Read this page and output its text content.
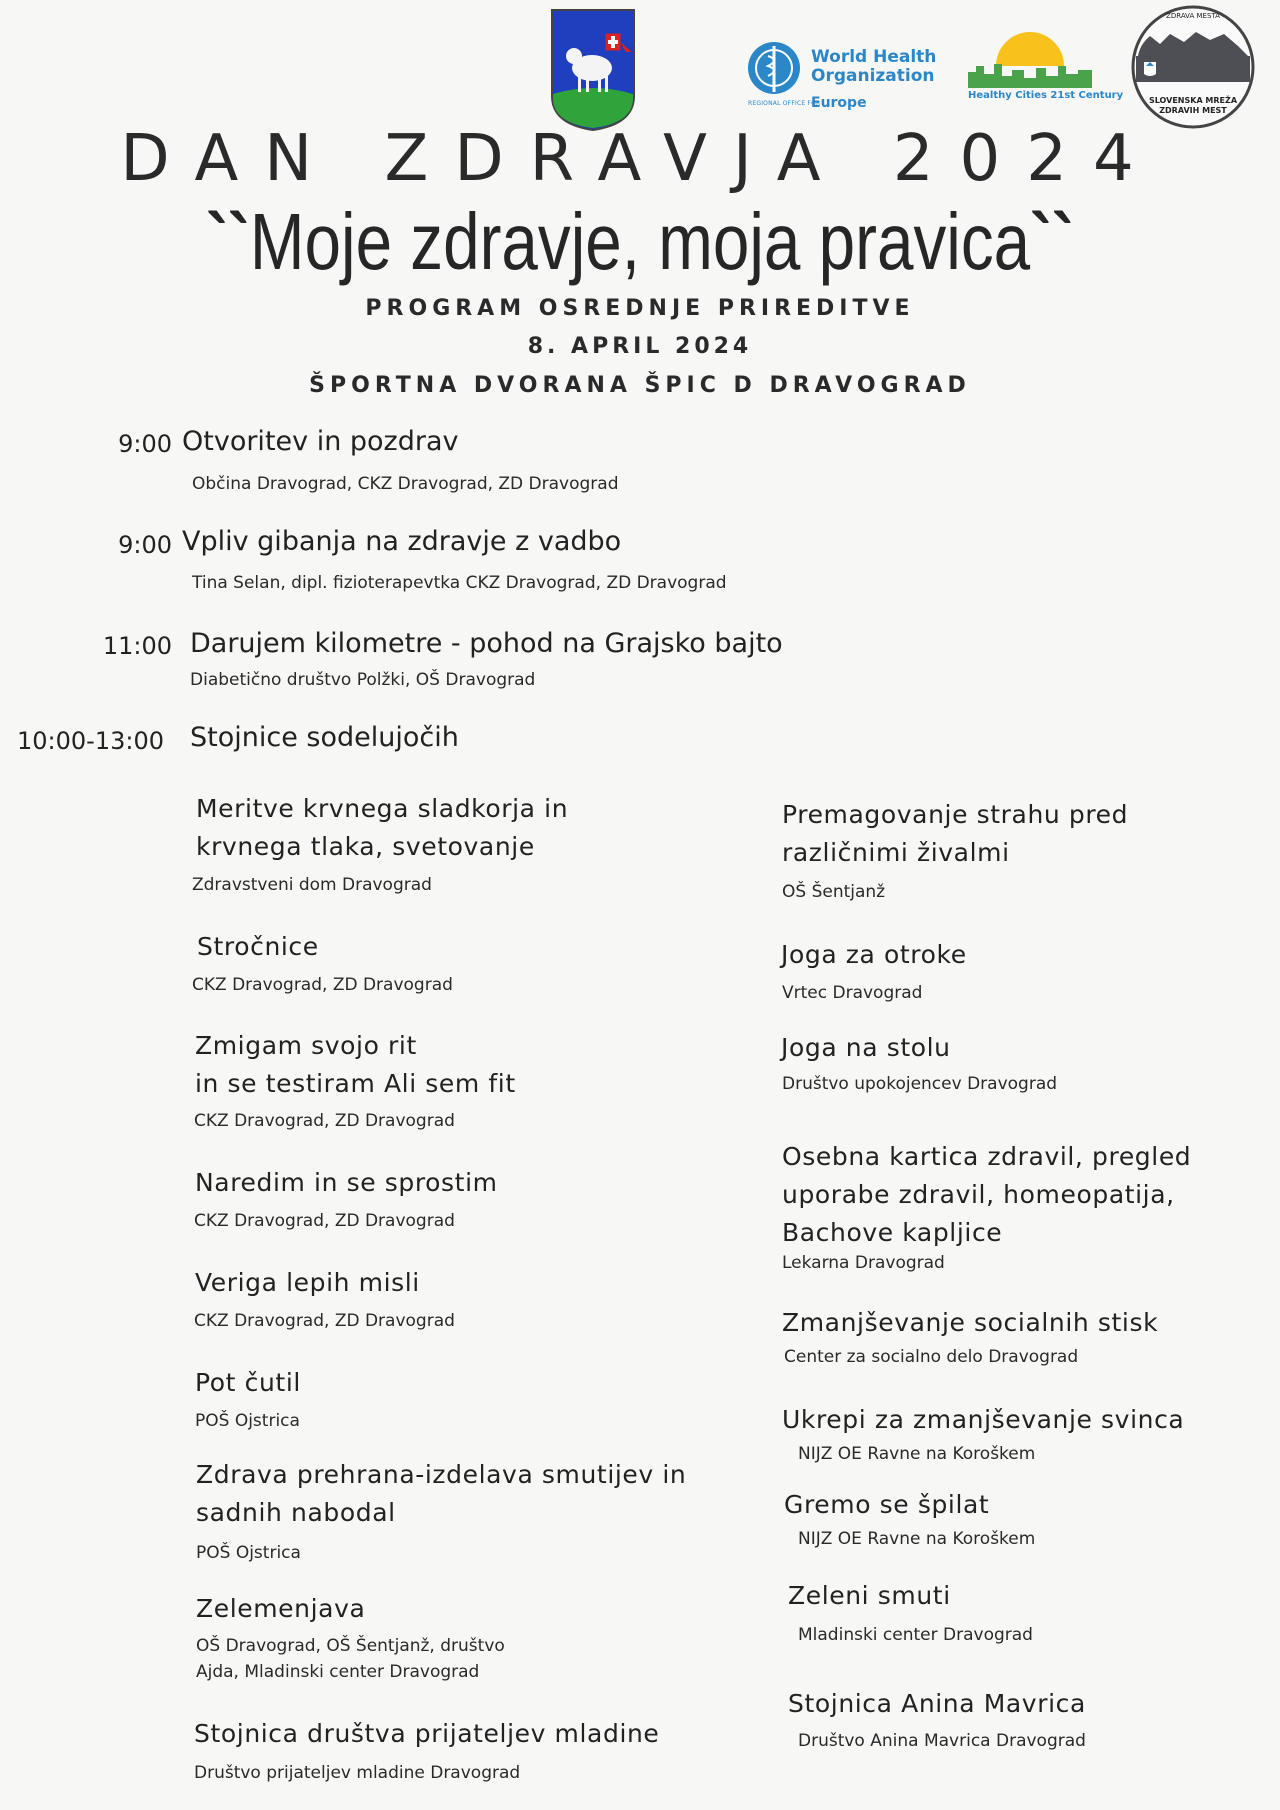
World Health
Organization
REGIONAL OFFICE FOR
Europe	Healthy Cities 21st Century
ZDRAVA MESTA
SLOVENSKA MREŽA
ZDRAVIH MEST
DAN ZDRAVJA 2024
``Moje zdravje, moja pravica``
PROGRAM OSREDNJE PRIREDITVE
8. APRIL 2024
ŠPORTNA DVORANA ŠPIC D DRAVOGRAD
9:00 Otvoritev in pozdrav
Občina Dravograd, CKZ Dravograd, ZD Dravograd
9:00 Vpliv gibanja na zdravje z vadbo
Tina Selan, dipl. fizioterapevtka CKZ Dravograd, ZD Dravograd
11:00 Darujem kilometre - pohod na Grajsko bajto
Diabetično društvo Polžki, OŠ Dravograd
10:00-13:00 Stojnice sodelujočih
Meritve krvnega sladkorja in
krvnega tlaka, svetovanje
Zdravstveni dom Dravograd
Stročnice
CKZ Dravograd, ZD Dravograd
Zmigam svojo rit
in se testiram Ali sem fit
CKZ Dravograd, ZD Dravograd
Naredim in se sprostim
CKZ Dravograd, ZD Dravograd
Veriga lepih misli
CKZ Dravograd, ZD Dravograd
Pot čutil
POŠ Ojstrica
Zdrava prehrana-izdelava smutijev in
sadnih nabodal
POŠ Ojstrica
Zelemenjava
OŠ Dravograd, OŠ Šentjanž, društvo
Ajda, Mladinski center Dravograd
Stojnica društva prijateljev mladine
Društvo prijateljev mladine Dravograd
Premagovanje strahu pred
različnimi živalmi
OŠ Šentjanž
Joga za otroke
Vrtec Dravograd
Joga na stolu
Društvo upokojencev Dravograd
Osebna kartica zdravil, pregled
uporabe zdravil, homeopatija,
Bachove kapljice
Lekarna Dravograd
Zmanjševanje socialnih stisk
Center za socialno delo Dravograd
Ukrepi za zmanjševanje svinca
NIJZ OE Ravne na Koroškem
Gremo se špilat
NIJZ OE Ravne na Koroškem
Zeleni smuti
Mladinski center Dravograd
Stojnica Anina Mavrica
Društvo Anina Mavrica Dravograd
